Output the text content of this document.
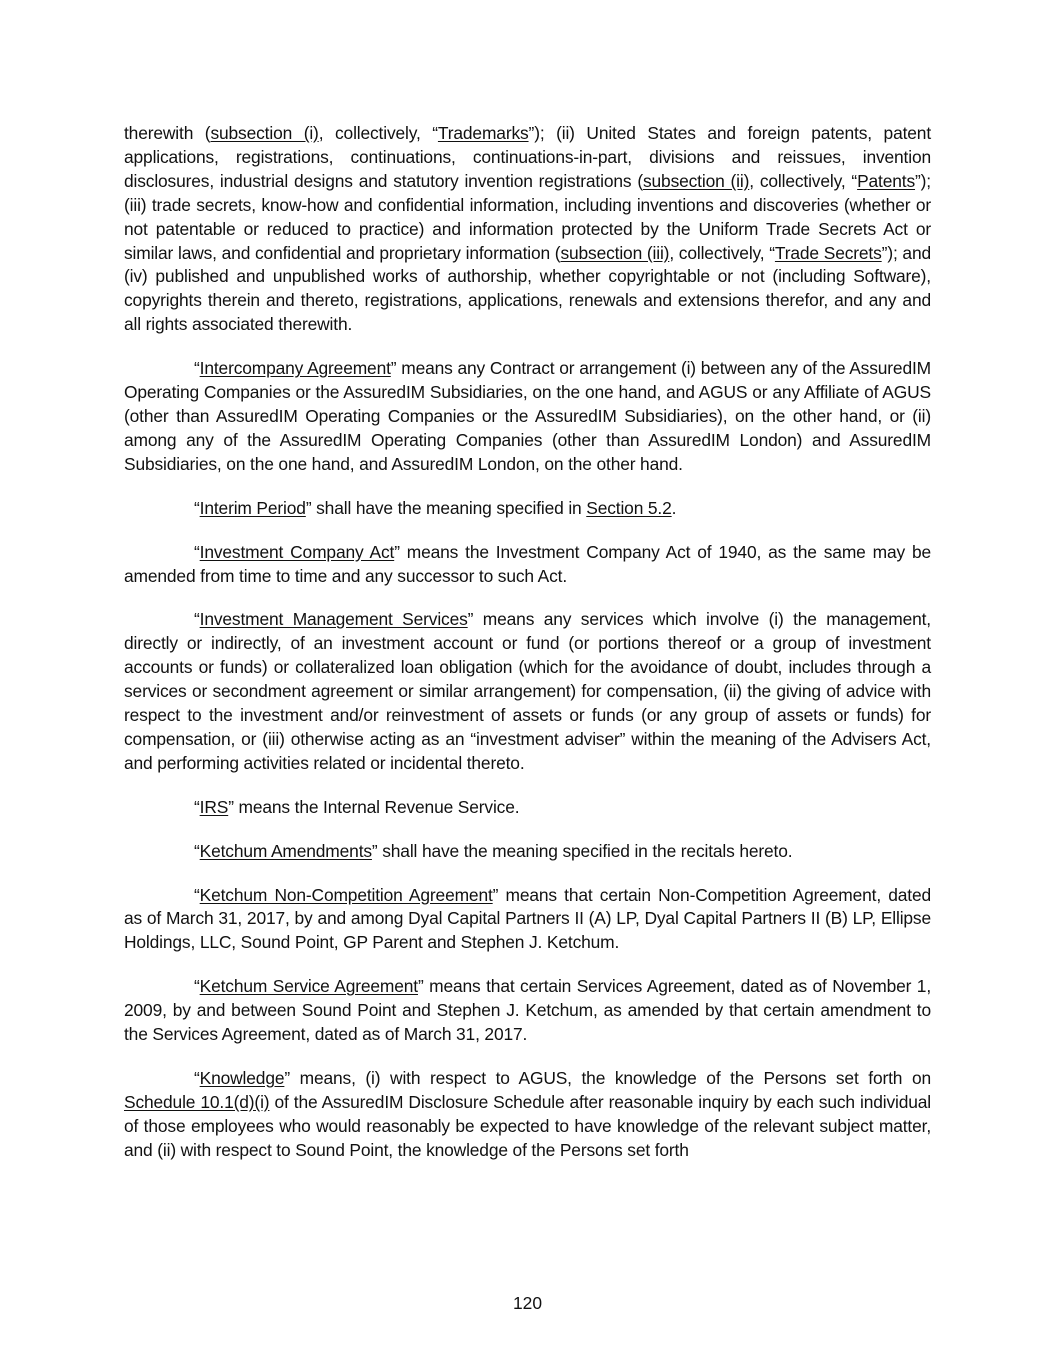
therewith (subsection (i), collectively, “Trademarks”); (ii) United States and foreign patents, patent applications, registrations, continuations, continuations-in-part, divisions and reissues, invention disclosures, industrial designs and statutory invention registrations (subsection (ii), collectively, “Patents”); (iii) trade secrets, know-how and confidential information, including inventions and discoveries (whether or not patentable or reduced to practice) and information protected by the Uniform Trade Secrets Act or similar laws, and confidential and proprietary information (subsection (iii), collectively, “Trade Secrets”); and (iv) published and unpublished works of authorship, whether copyrightable or not (including Software), copyrights therein and thereto, registrations, applications, renewals and extensions therefor, and any and all rights associated therewith.

“Intercompany Agreement” means any Contract or arrangement (i) between any of the AssuredIM Operating Companies or the AssuredIM Subsidiaries, on the one hand, and AGUS or any Affiliate of AGUS (other than AssuredIM Operating Companies or the AssuredIM Subsidiaries), on the other hand, or (ii) among any of the AssuredIM Operating Companies (other than AssuredIM London) and AssuredIM Subsidiaries, on the one hand, and AssuredIM London, on the other hand.

“Interim Period” shall have the meaning specified in Section 5.2.

“Investment Company Act” means the Investment Company Act of 1940, as the same may be amended from time to time and any successor to such Act.

“Investment Management Services” means any services which involve (i) the management, directly or indirectly, of an investment account or fund (or portions thereof or a group of investment accounts or funds) or collateralized loan obligation (which for the avoidance of doubt, includes through a services or secondment agreement or similar arrangement) for compensation, (ii) the giving of advice with respect to the investment and/or reinvestment of assets or funds (or any group of assets or funds) for compensation, or (iii) otherwise acting as an “investment adviser” within the meaning of the Advisers Act, and performing activities related or incidental thereto.

“IRS” means the Internal Revenue Service.

“Ketchum Amendments” shall have the meaning specified in the recitals hereto.

“Ketchum Non-Competition Agreement” means that certain Non-Competition Agreement, dated as of March 31, 2017, by and among Dyal Capital Partners II (A) LP, Dyal Capital Partners II (B) LP, Ellipse Holdings, LLC, Sound Point, GP Parent and Stephen J. Ketchum.

“Ketchum Service Agreement” means that certain Services Agreement, dated as of November 1, 2009, by and between Sound Point and Stephen J. Ketchum, as amended by that certain amendment to the Services Agreement, dated as of March 31, 2017.

“Knowledge” means, (i) with respect to AGUS, the knowledge of the Persons set forth on Schedule 10.1(d)(i) of the AssuredIM Disclosure Schedule after reasonable inquiry by each such individual of those employees who would reasonably be expected to have knowledge of the relevant subject matter, and (ii) with respect to Sound Point, the knowledge of the Persons set forth

120
